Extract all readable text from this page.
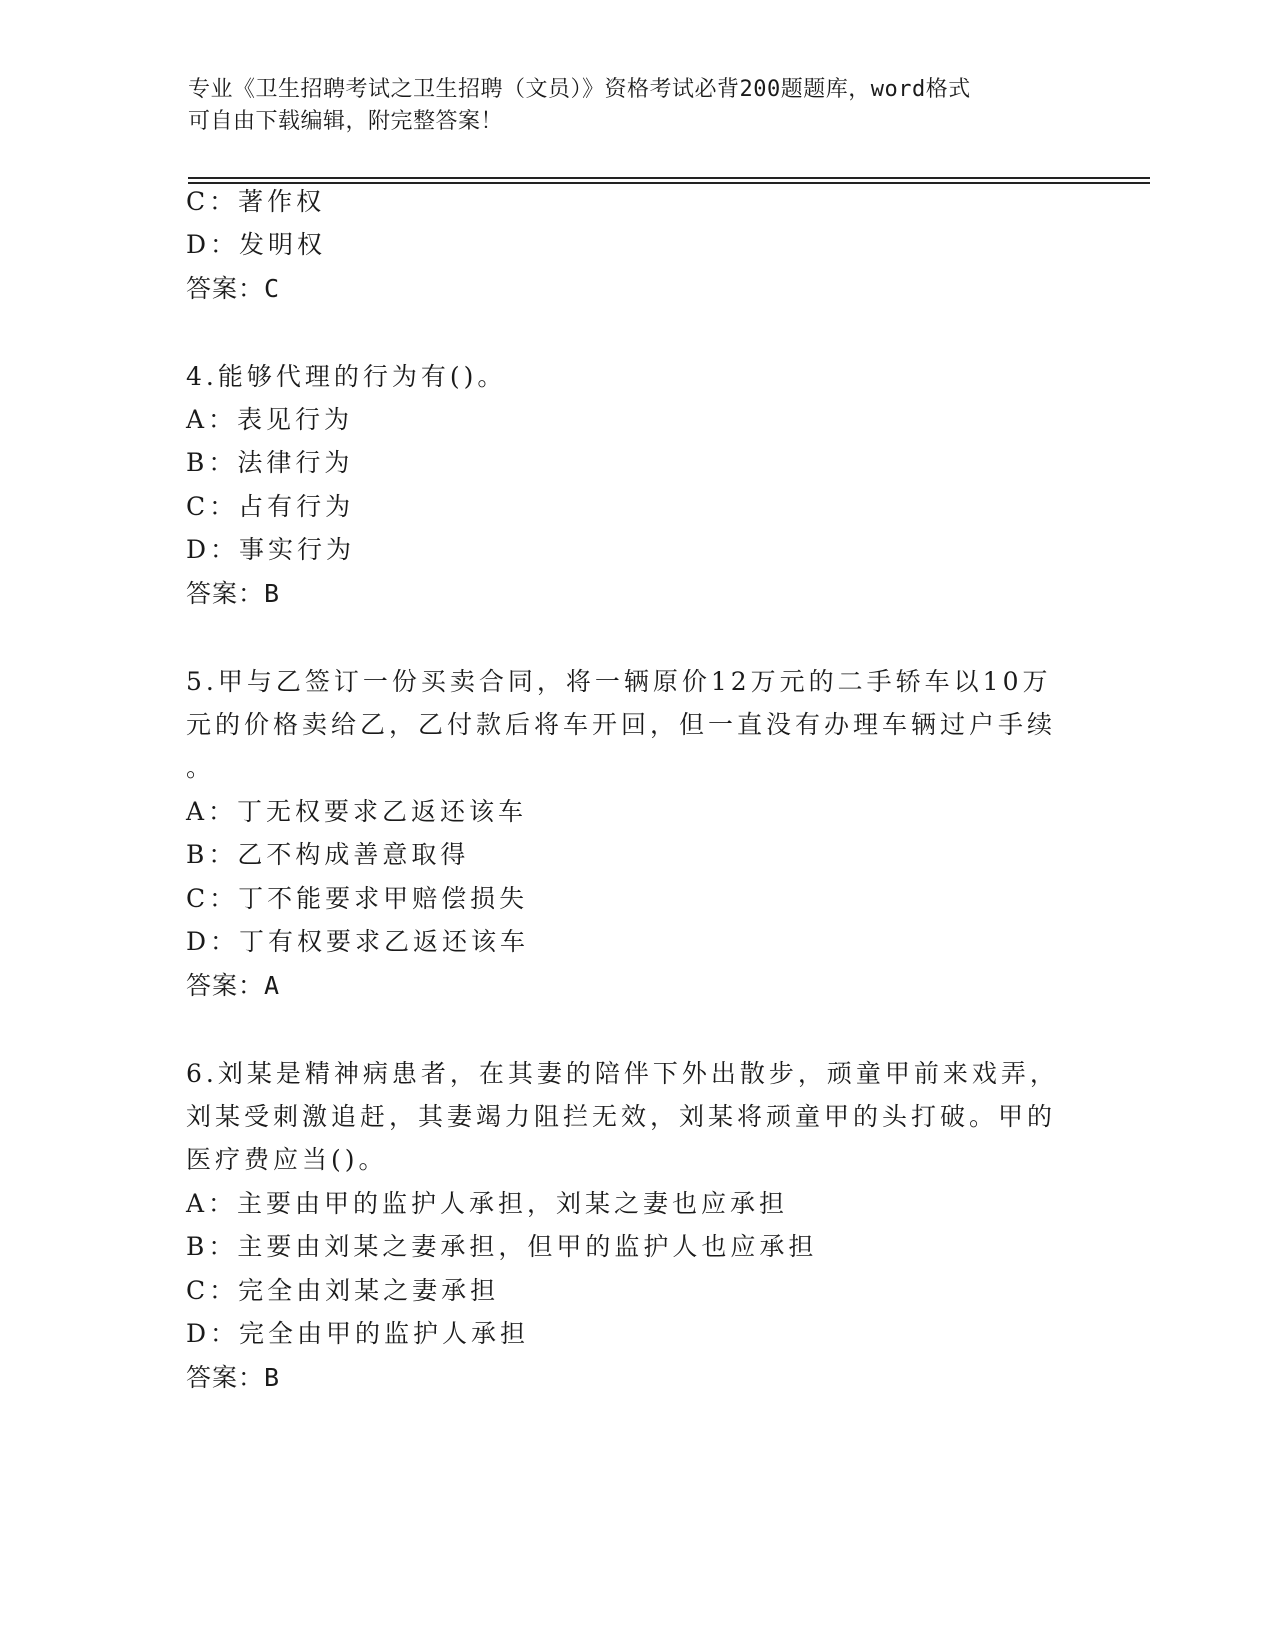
专业《卫生招聘考试之卫生招聘（文员）》资格考试必背200题题库，word格式
可自由下载编辑，附完整答案！
C：著作权
D：发明权
答案：C
4.能够代理的行为有()。
A：表见行为
B：法律行为
C：占有行为
D：事实行为
答案：B
5.甲与乙签订一份买卖合同，将一辆原价12万元的二手轿车以10万
元的价格卖给乙，乙付款后将车开回，但一直没有办理车辆过户手续
。
A：丁无权要求乙返还该车
B：乙不构成善意取得
C：丁不能要求甲赔偿损失
D：丁有权要求乙返还该车
答案：A
6.刘某是精神病患者，在其妻的陪伴下外出散步，顽童甲前来戏弄，
刘某受刺激追赶，其妻竭力阻拦无效，刘某将顽童甲的头打破。甲的
医疗费应当()。
A：主要由甲的监护人承担，刘某之妻也应承担
B：主要由刘某之妻承担，但甲的监护人也应承担
C：完全由刘某之妻承担
D：完全由甲的监护人承担
答案：B
